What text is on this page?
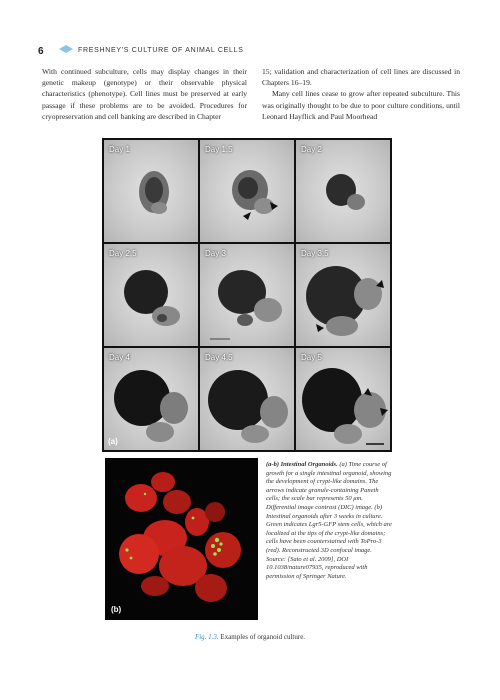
6	FRESHNEY'S CULTURE OF ANIMAL CELLS

With continued subculture, cells may display changes in their genetic makeup (genotype) or their observable physical characteristics (phenotype). Cell lines must be preserved at early passage if these problems are to be avoided. Procedures for cryopreservation and cell banking are described in Chapter

15; validation and characterization of cell lines are discussed in Chapters 16–19.

Many cell lines cease to grow after repeated subculture. This was originally thought to be due to poor culture conditions, until Leonard Hayflick and Paul Moorhead

Day 1	Day 1.5	Day 2
Day 2.5	Day 3	Day 3.5
Day 4	Day 4.5	Day 5
(a)
(b)
(a-b) Intestinal Organoids. (a) Time course of growth for a single intestinal organoid, showing the development of crypt-like domains. The arrows indicate granule-containing Paneth cells; the scale bar represents 50 μm. Differential image contrast (DIC) image. (b) Intestinal organoids after 3 weeks in culture. Green indicates Lgr5-GFP stem cells, which are localized at the tips of the crypt-like domains; cells have been counterstained with ToPro-3 (red). Reconstructed 3D confocal image. Source: [Sato et al. 2009], DOI 10.1038/nature07935, reproduced with permission of Springer Nature.
Fig. 1.3. Examples of organoid culture.
